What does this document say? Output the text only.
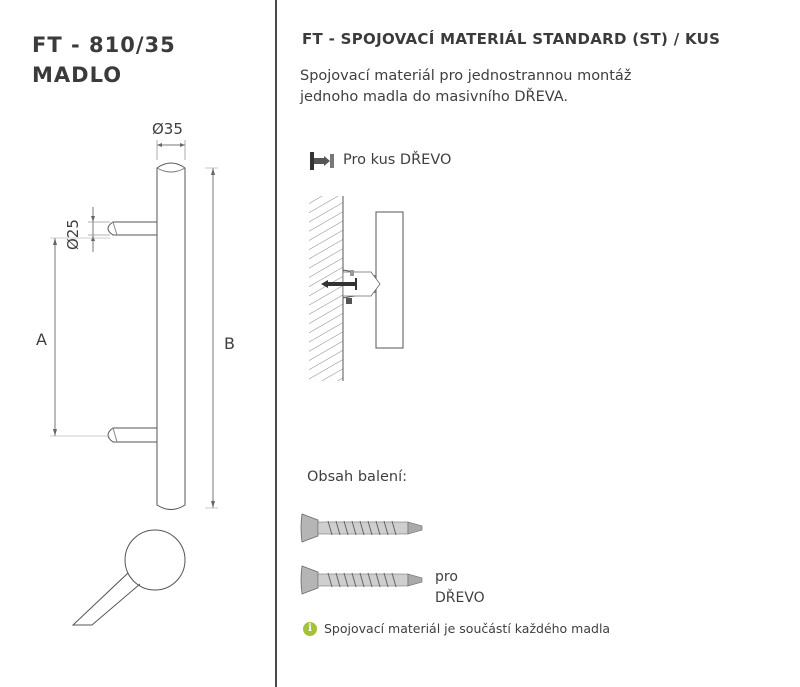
FT - 810/35
MADLO
Ø35
Ø25
A	B
FT - SPOJOVACÍ MATERIÁL STANDARD (ST) / KUS
Spojovací materiál pro jednostrannou montáž
jednoho madla do masivního DŘEVA.
Pro kus DŘEVO
Obsah balení:
pro
DŘEVO
i Spojovací materiál je součástí každého madla
